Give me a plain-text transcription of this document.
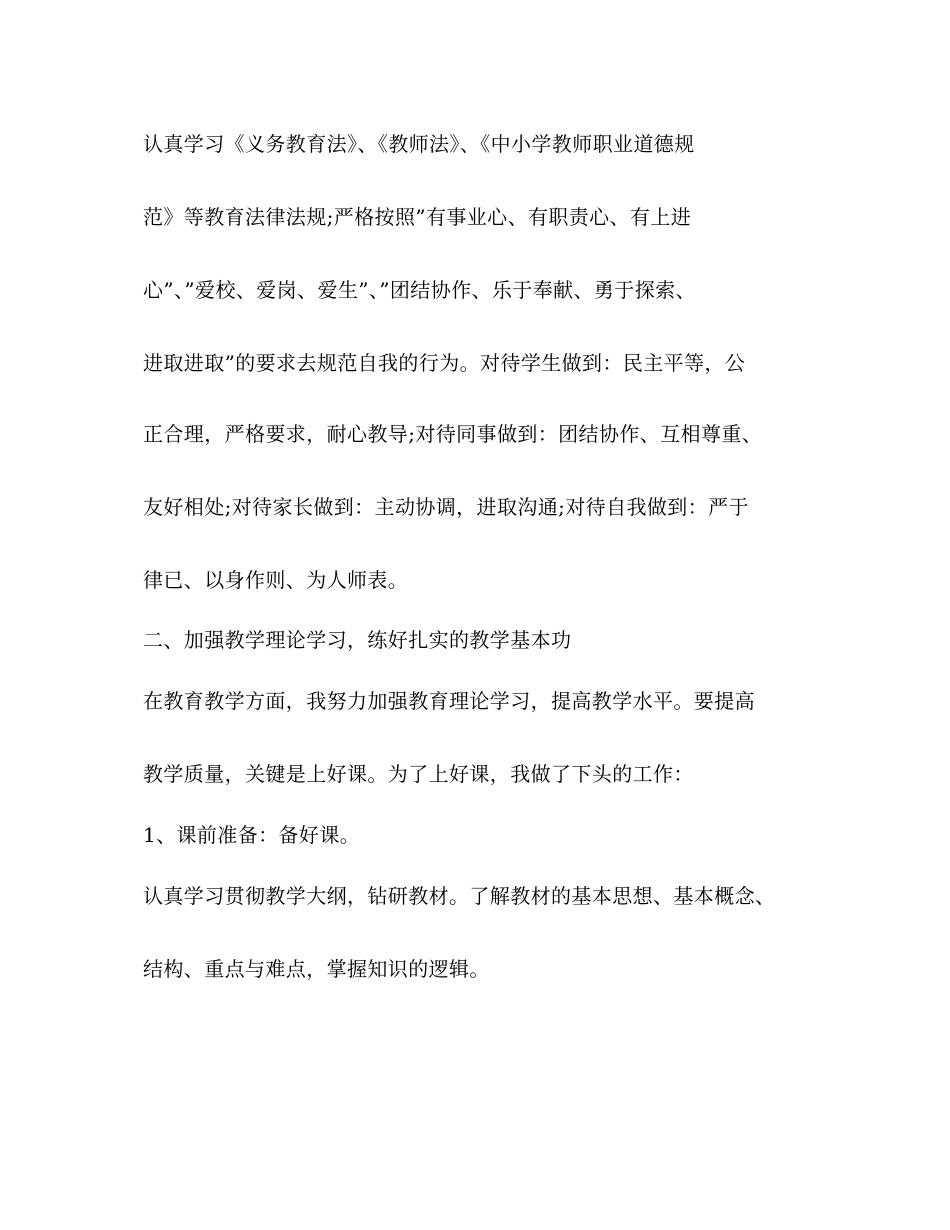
认真学习《义务教育法》、《教师法》、《中小学教师职业道德规
范》等教育法律法规;严格按照”有事业心、有职责心、有上进
心”、”爱校、爱岗、爱生”、”团结协作、乐于奉献、勇于探索、
进取进取”的要求去规范自我的行为。对待学生做到：民主平等，公
正合理，严格要求，耐心教导;对待同事做到：团结协作、互相尊重、
友好相处;对待家长做到：主动协调，进取沟通;对待自我做到：严于
律已、以身作则、为人师表。
二、加强教学理论学习，练好扎实的教学基本功
在教育教学方面，我努力加强教育理论学习，提高教学水平。要提高
教学质量，关键是上好课。为了上好课，我做了下头的工作：
1、课前准备：备好课。
认真学习贯彻教学大纲，钻研教材。了解教材的基本思想、基本概念、
结构、重点与难点，掌握知识的逻辑。
